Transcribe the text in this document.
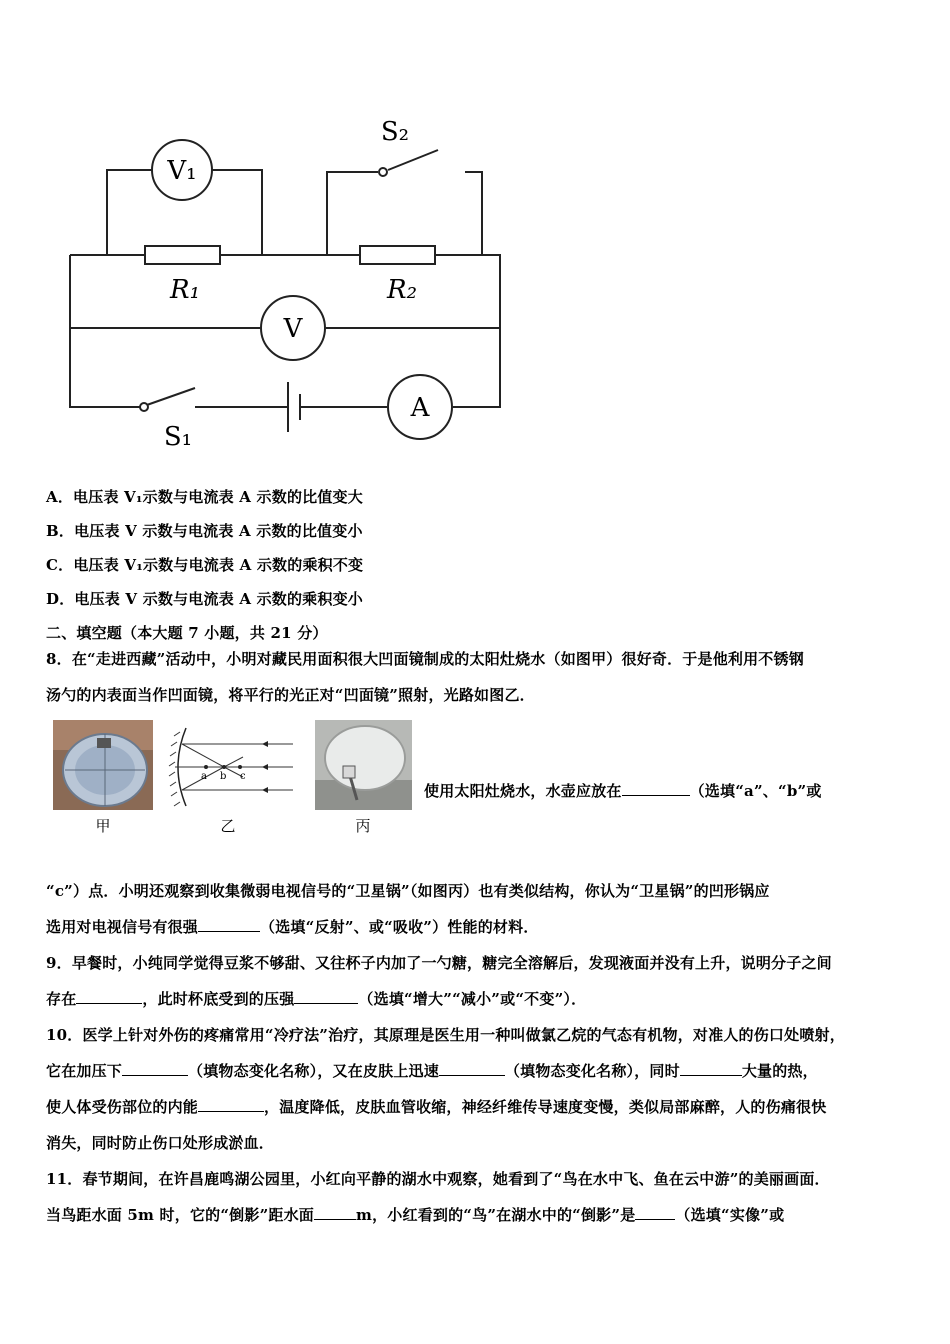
V₁
V
A
R₁	R₂
S₁
S₂
A．电压表 V₁示数与电流表 A 示数的比值变大
B．电压表 V 示数与电流表 A 示数的比值变小
C．电压表 V₁示数与电流表 A 示数的乘积不变
D．电压表 V 示数与电流表 A 示数的乘积变小
二、填空题（本大题 7 小题，共 21 分）
8．在“走进西藏”活动中，小明对藏民用面积很大凹面镜制成的太阳灶烧水（如图甲）很好奇．于是他利用不锈钢
汤勺的内表面当作凹面镜，将平行的光正对“凹面镜”照射，光路如图乙．
甲
a b c
乙	丙
使用太阳灶烧水，水壶应放在	（选填“a”、“b”或
“c”）点．小明还观察到收集微弱电视信号的“卫星锅”（如图丙）也有类似结构，你认为“卫星锅”的凹形锅应
选用对电视信号有很强	（选填“反射”、或“吸收”）性能的材料．
9．早餐时，小纯同学觉得豆浆不够甜、又往杯子内加了一勺糖，糖完全溶解后，发现液面并没有上升，说明分子之间
存在	，此时杯底受到的压强	（选填“增大”“减小”或“不变”）．
10．医学上针对外伤的疼痛常用“冷疗法”治疗，其原理是医生用一种叫做氯乙烷的气态有机物，对准人的伤口处喷射，
它在加压下	（填物态变化名称），又在皮肤上迅速	（填物态变化名称），同时	大量的热，
使人体受伤部位的内能	，温度降低，皮肤血管收缩，神经纤维传导速度变慢，类似局部麻醉，人的伤痛很快
消失，同时防止伤口处形成淤血．
11．春节期间，在许昌鹿鸣湖公园里，小红向平静的湖水中观察，她看到了“鸟在水中飞、鱼在云中游”的美丽画面．
当鸟距水面 5m 时，它的“倒影”距水面	m，小红看到的“鸟”在湖水中的“倒影”是	（选填“实像”或
